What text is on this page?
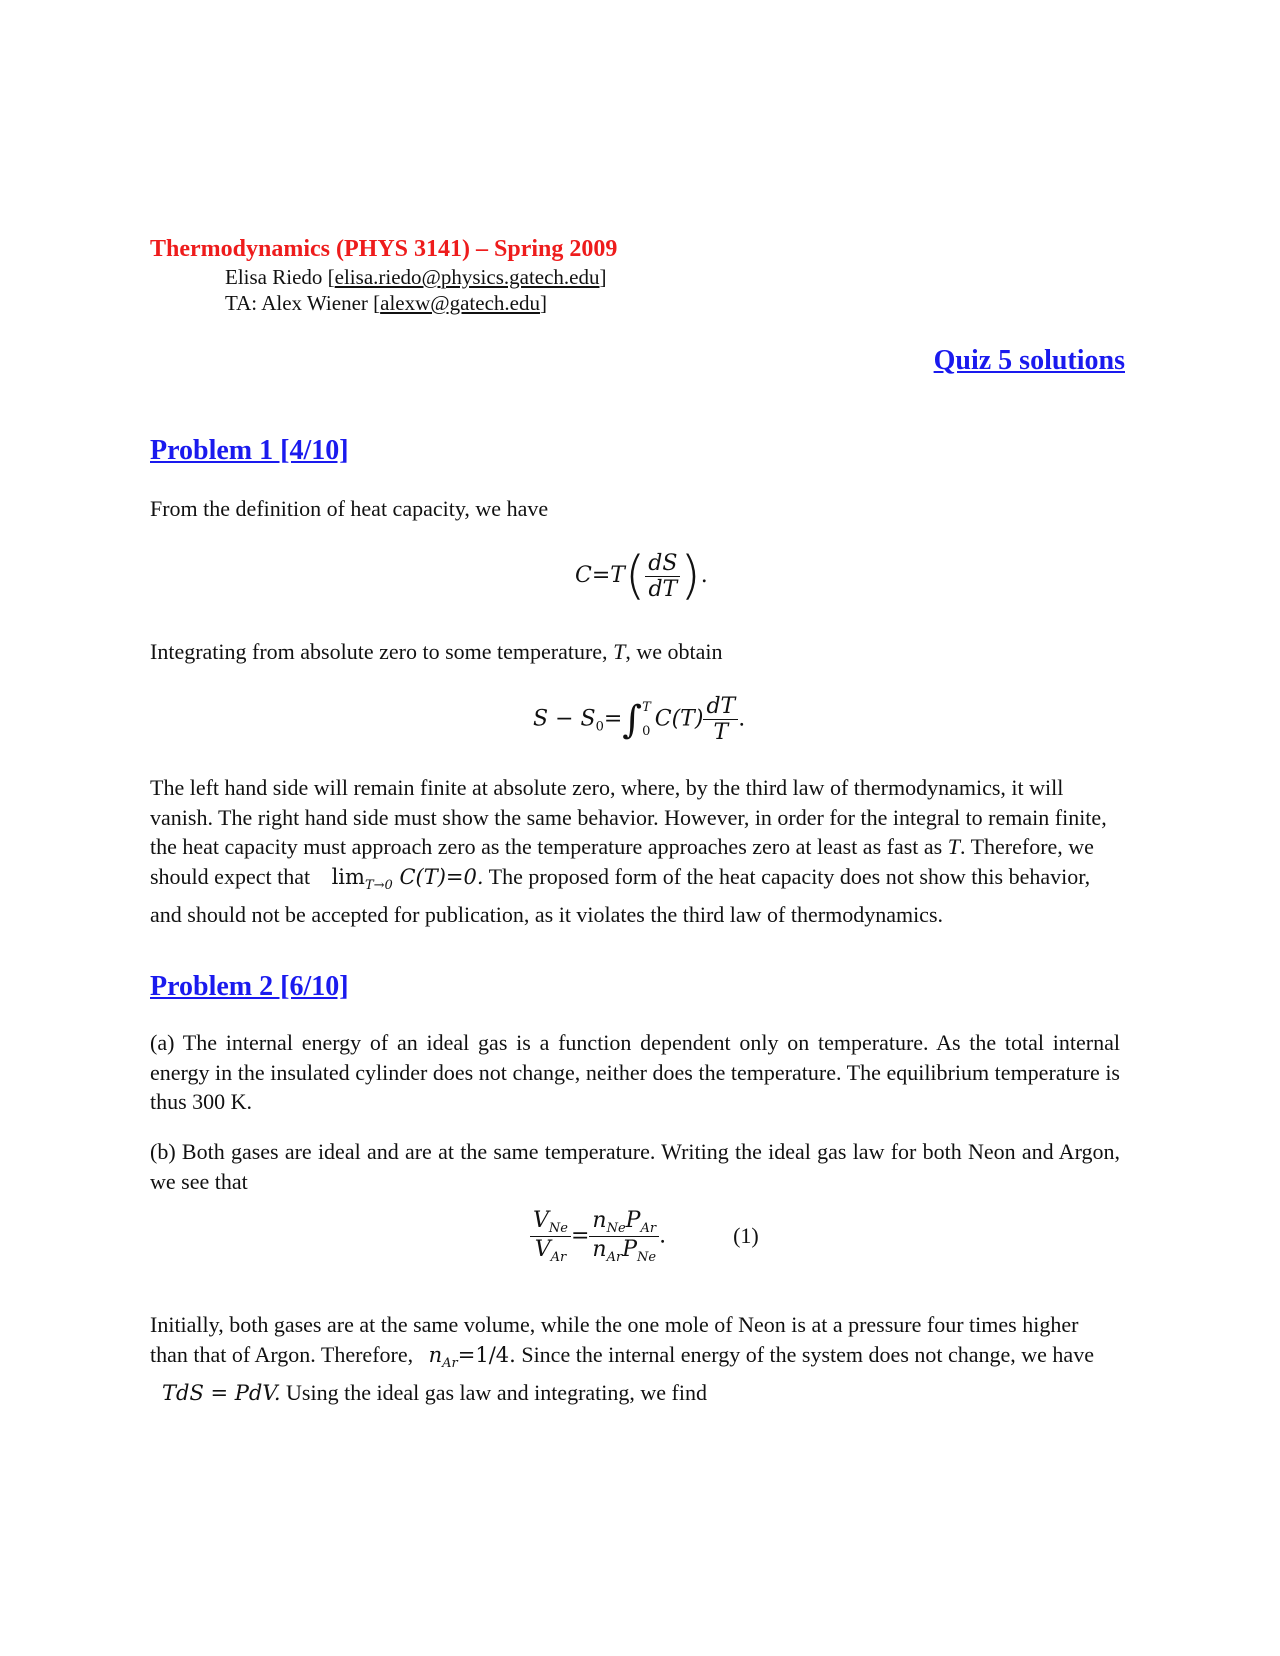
Thermodynamics (PHYS 3141) – Spring 2009
Elisa Riedo [elisa.riedo@physics.gatech.edu]
TA: Alex Wiener [alexw@gatech.edu]
Quiz 5 solutions
Problem 1 [4/10]
From the definition of heat capacity, we have
$C=T( \frac{dS}{dT}$ ).
Integrating from absolute zero to some temperature, T, we obtain
$S - S_0=\int$ T
0 $C(T) \frac{dT}{T}$ .
The left hand side will remain finite at absolute zero, where, by the third law of thermodynamics, it will vanish. The right hand side must show the same behavior. However, in order for the integral to remain finite, the heat capacity must approach zero as the temperature approaches zero at least as fast as T. Therefore, we should expect that $\lim_{T\to 0} C(T)=0$. The proposed form of the heat capacity does not show this behavior, and should not be accepted for publication, as it violates the third law of thermodynamics.
Problem 2 [6/10]
(a) The internal energy of an ideal gas is a function dependent only on temperature. As the total internal energy in the insulated cylinder does not change, neither does the temperature. The equilibrium temperature is thus 300 K.
(b) Both gases are ideal and are at the same temperature. Writing the ideal gas law for both Neon and Argon, we see that
$\frac{V_{Ne}}{V_{Ar}} = \frac{n_{Ne}P_{Ar}}{n_{Ar}P_{Ne}}$ .	(1)
Initially, both gases are at the same volume, while the one mole of Neon is at a pressure four times higher than that of Argon. Therefore, $n_{Ar}=1/4$. Since the internal energy of the system does not change, we have TdS = PdV. Using the ideal gas law and integrating, we find
